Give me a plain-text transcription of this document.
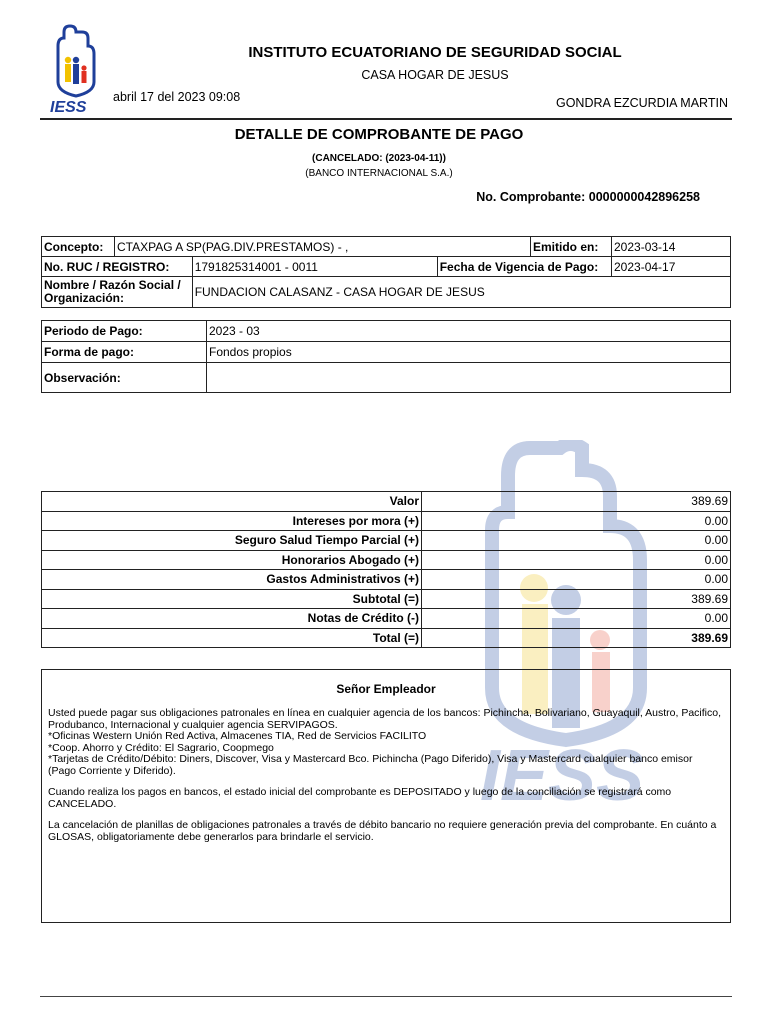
IESS
IESS
INSTITUTO ECUATORIANO DE SEGURIDAD SOCIAL
CASA HOGAR DE JESUS
abril 17 del 2023 09:08	GONDRA EZCURDIA MARTIN
DETALLE DE COMPROBANTE DE PAGO
(CANCELADO: (2023-04-11))
(BANCO INTERNACIONAL S.A.)
No. Comprobante: 0000000042896258
Concepto:	CTAXPAG A SP(PAG.DIV.PRESTAMOS) - ,			Emitido en:	2023-03-14
No. RUC / REGISTRO:		1791825314001 - 0011	Fecha de Vigencia de Pago:		2023-04-17

Nombre / Razón Social /
Organización:		FUNDACION CALASANZ - CASA HOGAR DE JESUS			
Periodo de Pago:	2023 - 03
Forma de pago:	Fondos propios
Observación:	
Valor	389.69
Intereses por mora (+)	0.00
Seguro Salud Tiempo Parcial (+)	0.00
Honorarios Abogado (+)	0.00
Gastos Administrativos (+)	0.00
Subtotal (=)	389.69
Notas de Crédito (-)	0.00
Total (=)	389.69
Señor Empleador

Usted puede pagar sus obligaciones patronales en línea en cualquier agencia de los bancos: Pichincha, Bolivariano, Guayaquil, Austro, Pacifico,
Produbanco, Internacional y cualquier agencia SERVIPAGOS.
*Oficinas Western Unión Red Activa, Almacenes TIA, Red de Servicios FACILITO
*Coop. Ahorro y Crédito: El Sagrario, Coopmego
*Tarjetas de Crédito/Débito: Diners, Discover, Visa y Mastercard Bco. Pichincha (Pago Diferido), Visa y Mastercard cualquier banco emisor
(Pago Corriente y Diferido).

Cuando realiza los pagos en bancos, el estado inicial del comprobante es DEPOSITADO y luego de la conciliación se registrará como
CANCELADO.

La cancelación de planillas de obligaciones patronales a través de débito bancario no requiere generación previa del comprobante. En cuánto a
GLOSAS, obligatoriamente debe generarlos para brindarle el servicio.
